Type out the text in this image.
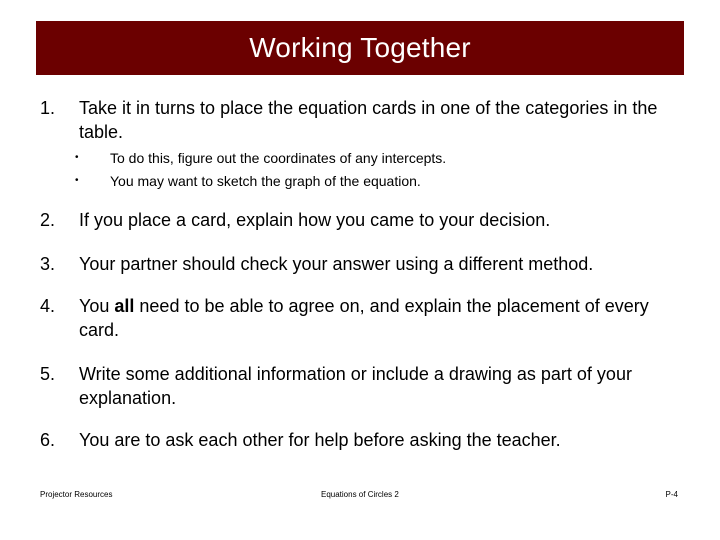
Working Together
1. Take it in turns to place the equation cards in one of the categories in the table.
• To do this, figure out the coordinates of any intercepts.
• You may want to sketch the graph of the equation.
2. If you place a card, explain how you came to your decision.
3. Your partner should check your answer using a different method.
4. You all need to be able to agree on, and explain the placement of every card.
5. Write some additional information or include a drawing as part of your explanation.
6. You are to ask each other for help before asking the teacher.
Projector Resources	Equations of Circles 2	P-4
